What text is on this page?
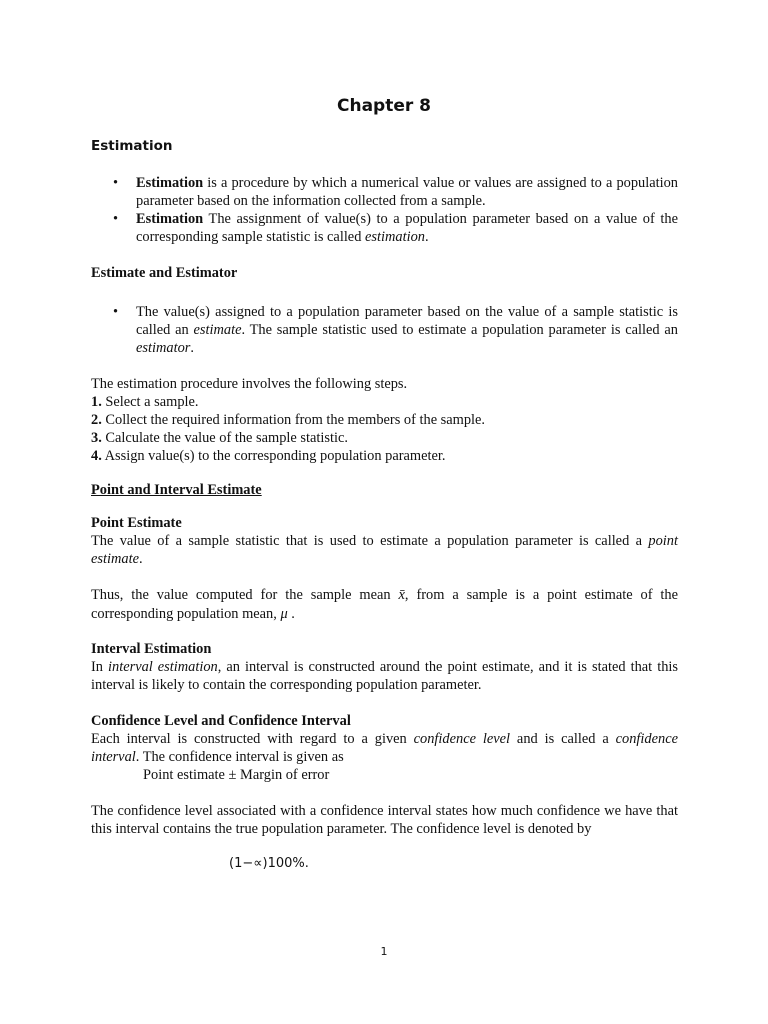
Chapter 8
Estimation
• Estimation is a procedure by which a numerical value or values are assigned to a population parameter based on the information collected from a sample.
• Estimation The assignment of value(s) to a population parameter based on a value of the corresponding sample statistic is called estimation.
Estimate and Estimator
• The value(s) assigned to a population parameter based on the value of a sample statistic is called an estimate. The sample statistic used to estimate a population parameter is called an estimator.
The estimation procedure involves the following steps.
1. Select a sample.
2. Collect the required information from the members of the sample.
3. Calculate the value of the sample statistic.
4. Assign value(s) to the corresponding population parameter.
Point and Interval Estimate
Point Estimate

The value of a sample statistic that is used to estimate a population parameter is called a point estimate.

Thus, the value computed for the sample mean x̄, from a sample is a point estimate of the corresponding population mean, μ .

Interval Estimation

In interval estimation, an interval is constructed around the point estimate, and it is stated that this interval is likely to contain the corresponding population parameter.

Confidence Level and Confidence Interval

Each interval is constructed with regard to a given confidence level and is called a confidence interval. The confidence interval is given as

Point estimate ± Margin of error

The confidence level associated with a confidence interval states how much confidence we have that this interval contains the true population parameter. The confidence level is denoted by

(1−∝)100%.
1
